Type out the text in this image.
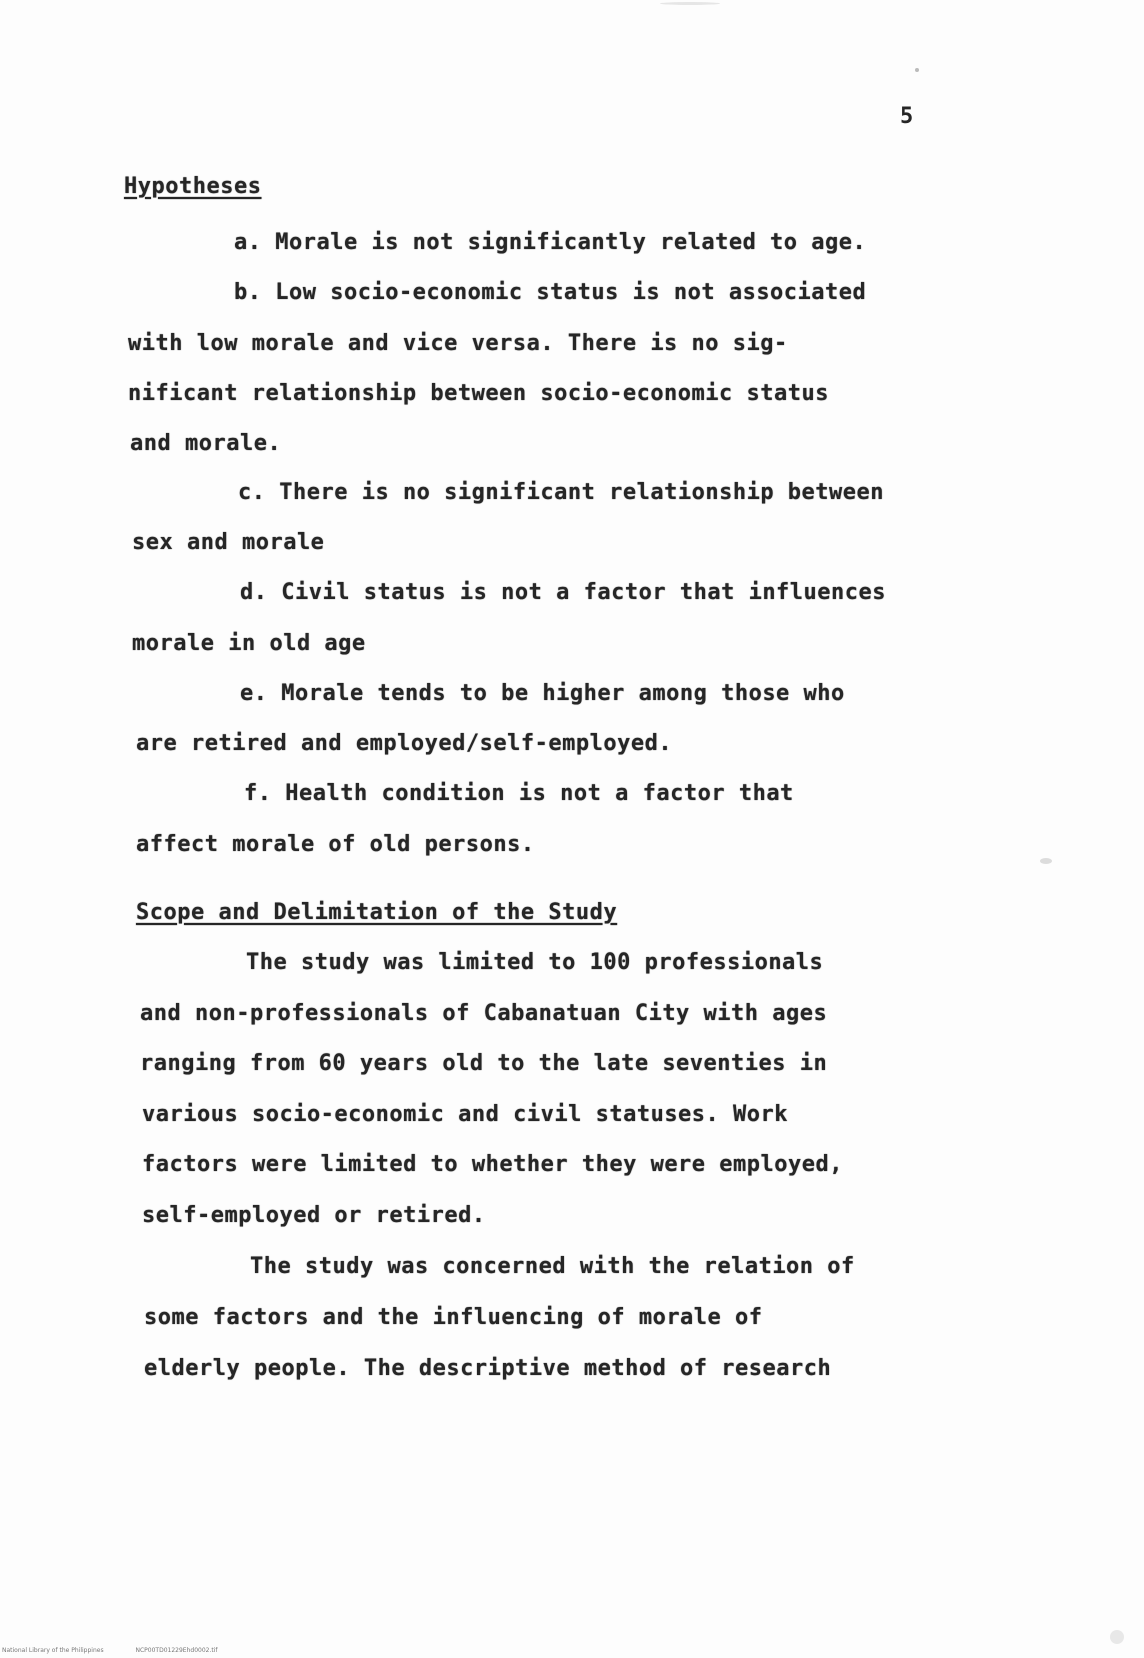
5
Hypotheses
a. Morale is not significantly related to age.
b. Low socio-economic status is not associated
with low morale and vice versa. There is no sig-
nificant relationship between socio-economic status
and morale.
c. There is no significant relationship between
sex and morale
d. Civil status is not a factor that influences
morale in old age
e. Morale tends to be higher among those who
are retired and employed/self-employed.
f. Health condition is not a factor that
affect morale of old persons.
Scope and Delimitation of the Study
The study was limited to 100 professionals
and non-professionals of Cabanatuan City with ages
ranging from 60 years old to the late seventies in
various socio-economic and civil statuses. Work
factors were limited to whether they were employed,
self-employed or retired.
The study was concerned with the relation of
some factors and the influencing of morale of
elderly people. The descriptive method of research
National Library of the Philippines	NCP00TD01229Ehd0002.tif
